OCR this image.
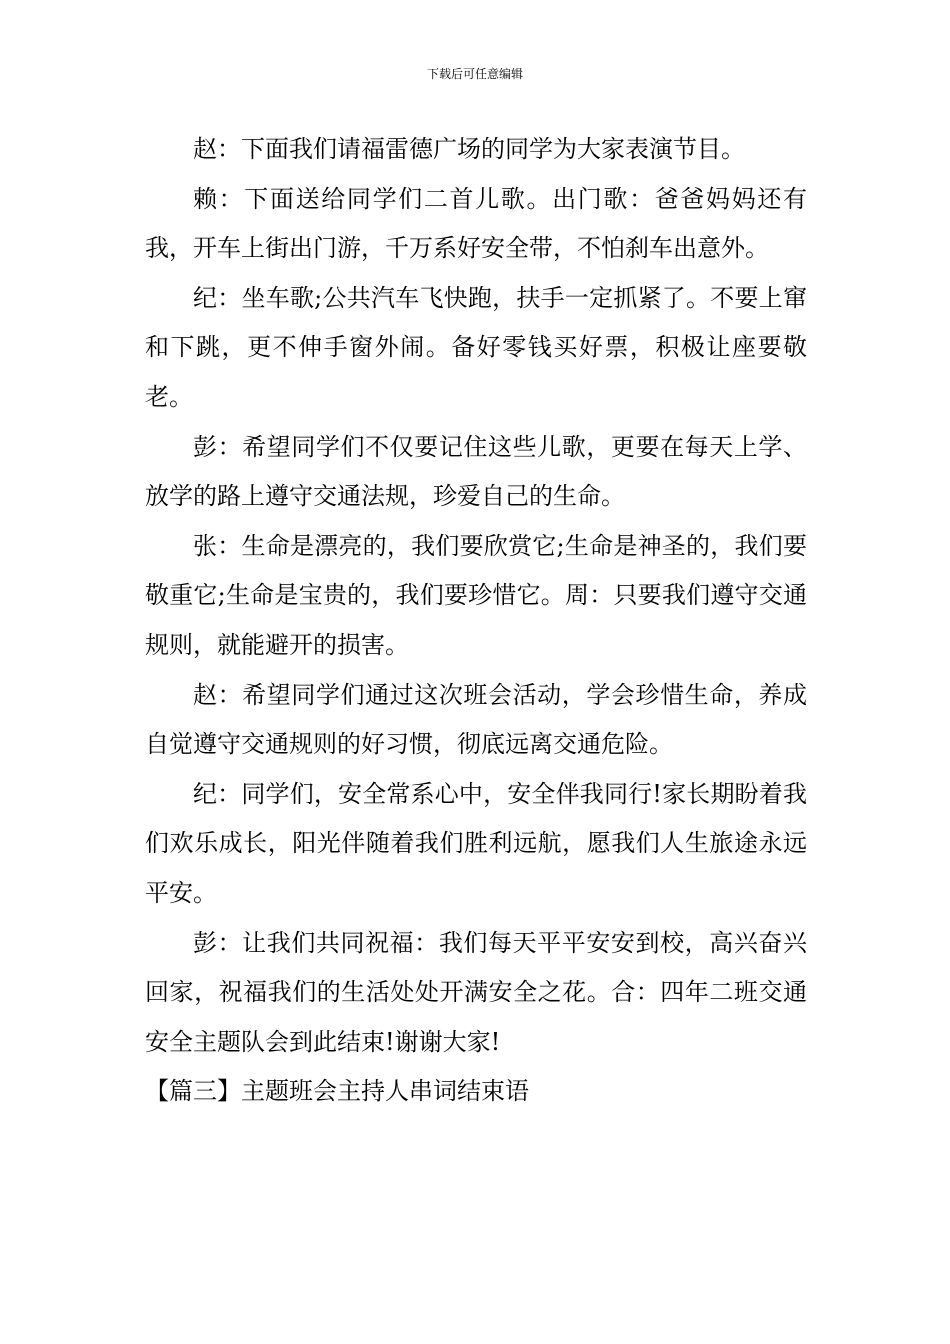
下载后可任意编辑

赵：下面我们请福雷德广场的同学为大家表演节目。

赖：下面送给同学们二首儿歌。出门歌：爸爸妈妈还有我，开车上街出门游，千万系好安全带，不怕刹车出意外。

纪：坐车歌;公共汽车飞快跑，扶手一定抓紧了。不要上窜和下跳，更不伸手窗外闹。备好零钱买好票，积极让座要敬老。

彭：希望同学们不仅要记住这些儿歌，更要在每天上学、放学的路上遵守交通法规，珍爱自己的生命。

张：生命是漂亮的，我们要欣赏它;生命是神圣的，我们要敬重它;生命是宝贵的，我们要珍惜它。周：只要我们遵守交通规则，就能避开的损害。

赵：希望同学们通过这次班会活动，学会珍惜生命，养成自觉遵守交通规则的好习惯，彻底远离交通危险。

纪：同学们，安全常系心中，安全伴我同行!家长期盼着我们欢乐成长，阳光伴随着我们胜利远航，愿我们人生旅途永远平安。

彭：让我们共同祝福：我们每天平平安安到校，高兴奋兴回家，祝福我们的生活处处开满安全之花。合：四年二班交通安全主题队会到此结束!谢谢大家!

【篇三】主题班会主持人串词结束语
